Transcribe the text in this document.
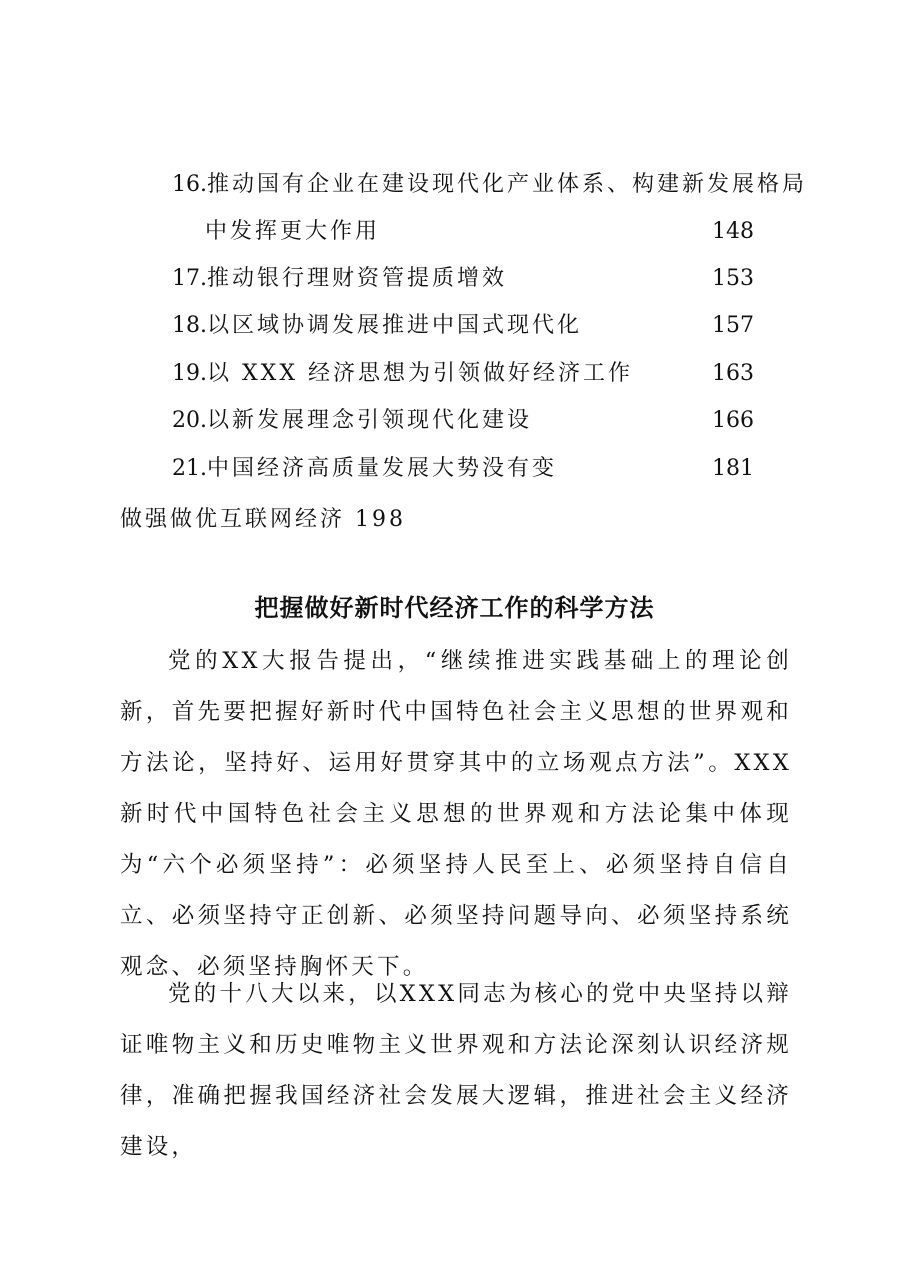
16.推动国有企业在建设现代化产业体系、构建新发展格局
中发挥更大作用	148
17. 推动银行理财资管提质增效	153
18. 以区域协调发展推进中国式现代化	157
19. 以 XXX 经济思想为引领做好经济工作	163
20. 以新发展理念引领现代化建设	166
21. 中国经济高质量发展大势没有变	181
做强做优互联网经济 198
把握做好新时代经济工作的科学方法

党的XX大报告提出，“继续推进实践基础上的理论创新，首先要把握好新时代中国特色社会主义思想的世界观和方法论，坚持好、运用好贯穿其中的立场观点方法”。XXX新时代中国特色社会主义思想的世界观和方法论集中体现为“六个必须坚持”：必须坚持人民至上、必须坚持自信自立、必须坚持守正创新、必须坚持问题导向、必须坚持系统观念、必须坚持胸怀天下。

党的十八大以来，以XXX同志为核心的党中央坚持以辩证唯物主义和历史唯物主义世界观和方法论深刻认识经济规律，准确把握我国经济社会发展大逻辑，推进社会主义经济建设，
